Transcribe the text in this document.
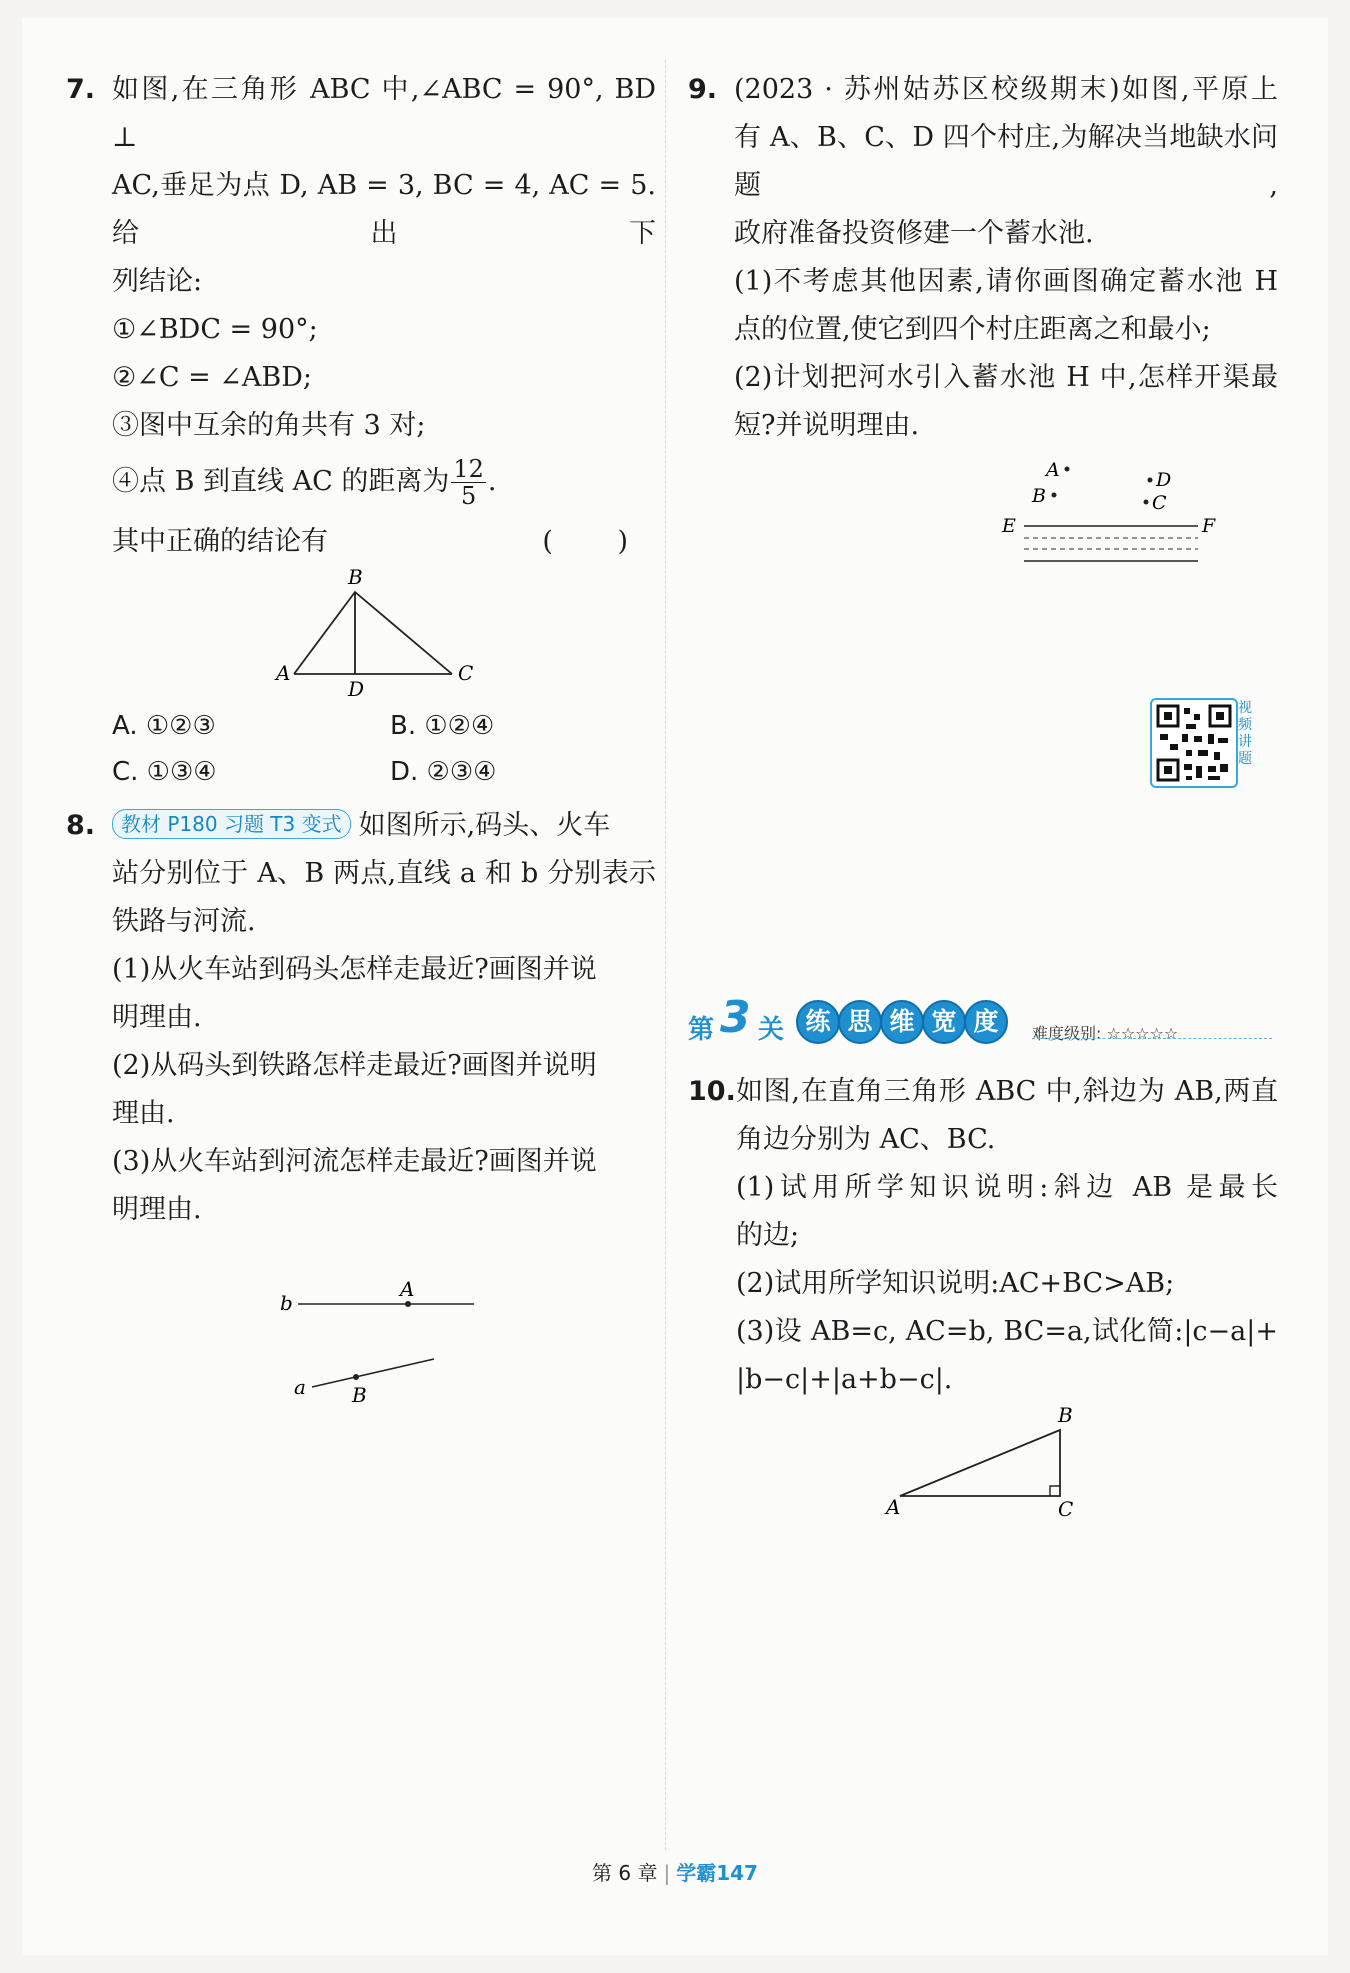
7. 如图,在三角形 ABC 中,∠ABC = 90°, BD ⊥
AC,垂足为点 D, AB = 3, BC = 4, AC = 5.给出下
列结论:
①∠BDC = 90°;
②∠C = ∠ABD;
③图中互余的角共有 3 对;
④点 B 到直线 AC 的距离为 $\frac{12}{5}$ .
其中正确的结论有	( )
B
A
D
C
A. ①②③	B. ①②④
C. ①③④	D. ②③④
8.	教材 P180 习题 T3 变式 如图所示,码头、火车
站分别位于 A、B 两点,直线 a 和 b 分别表示
铁路与河流.
(1)从火车站到码头怎样走最近?画图并说
明理由.
(2)从码头到铁路怎样走最近?画图并说明
理由.
(3)从火车站到河流怎样走最近?画图并说
明理由.
b
A
a B
9. (2023 · 苏州姑苏区校级期末)如图,平原上
有 A、B、C、D 四个村庄,为解决当地缺水问题,
政府准备投资修建一个蓄水池.
(1)不考虑其他因素,请你画图确定蓄水池 H
点的位置,使它到四个村庄距离之和最小;
(2)计划把河水引入蓄水池 H 中,怎样开渠最
短?并说明理由.
A
B
D
C
E	F
视频讲题
第 3 关 练 思 维 宽 度	难度级别: ☆☆☆☆☆
10. 如图,在直角三角形 ABC 中,斜边为 AB,两直
角边分别为 AC、BC.
(1)试用所学知识说明:斜边 AB 是最长
的边;
(2)试用所学知识说明:AC+BC>AB;
(3)设 AB=c, AC=b, BC=a,试化简:|c−a|+
|b−c|+|a+b−c|.
B
A	C
第 6 章 | 学霸147
